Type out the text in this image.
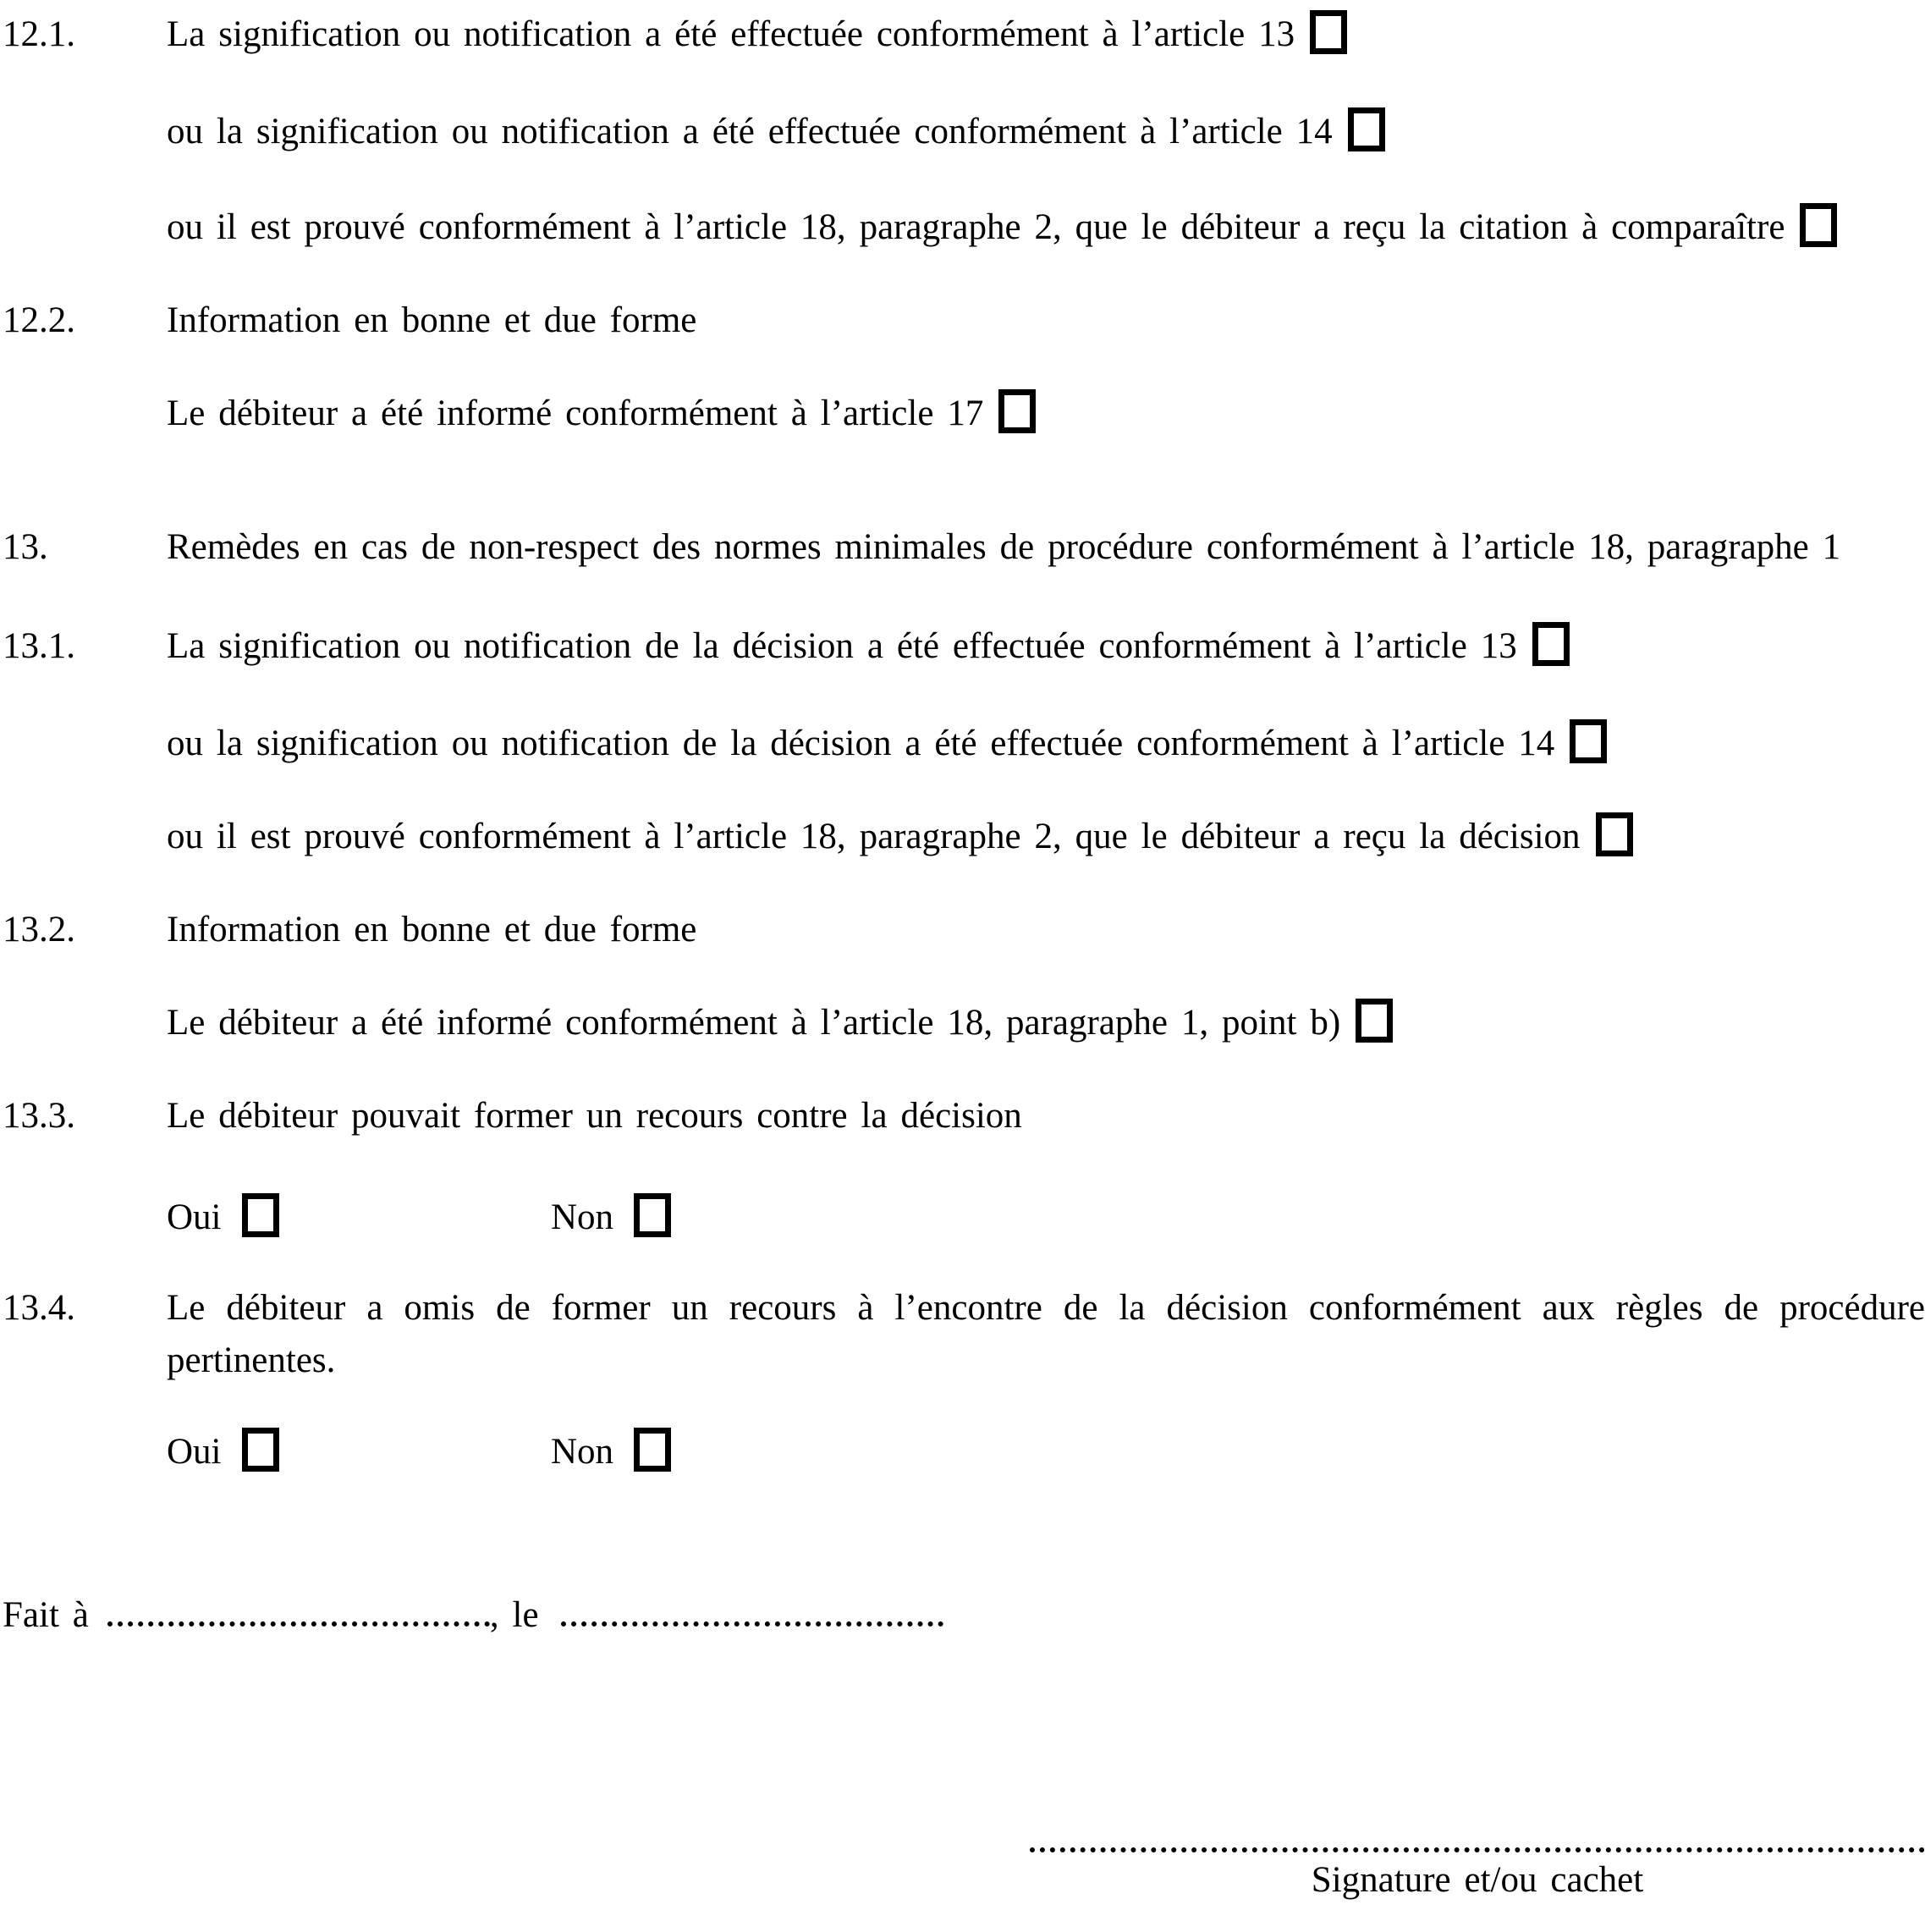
12.1.	La signification ou notification a été effectuée conformément à l’article 13
ou la signification ou notification a été effectuée conformément à l’article 14
ou il est prouvé conformément à l’article 18, paragraphe 2, que le débiteur a reçu la citation à comparaître
12.2.	Information en bonne et due forme
Le débiteur a été informé conformément à l’article 17
13.	Remèdes en cas de non-respect des normes minimales de procédure conformément à l’article 18, paragraphe 1
13.1.	La signification ou notification de la décision a été effectuée conformément à l’article 13
ou la signification ou notification de la décision a été effectuée conformément à l’article 14
ou il est prouvé conformément à l’article 18, paragraphe 2, que le débiteur a reçu la décision
13.2.	Information en bonne et due forme
Le débiteur a été informé conformément à l’article 18, paragraphe 1, point b)
13.3.	Le débiteur pouvait former un recours contre la décision
Oui	Non
13.4.	Le débiteur a omis de former un recours à l’encontre de la décision conformément aux règles de procédure pertinentes.
Oui	Non
Fait à	, le
Signature et/ou cachet
